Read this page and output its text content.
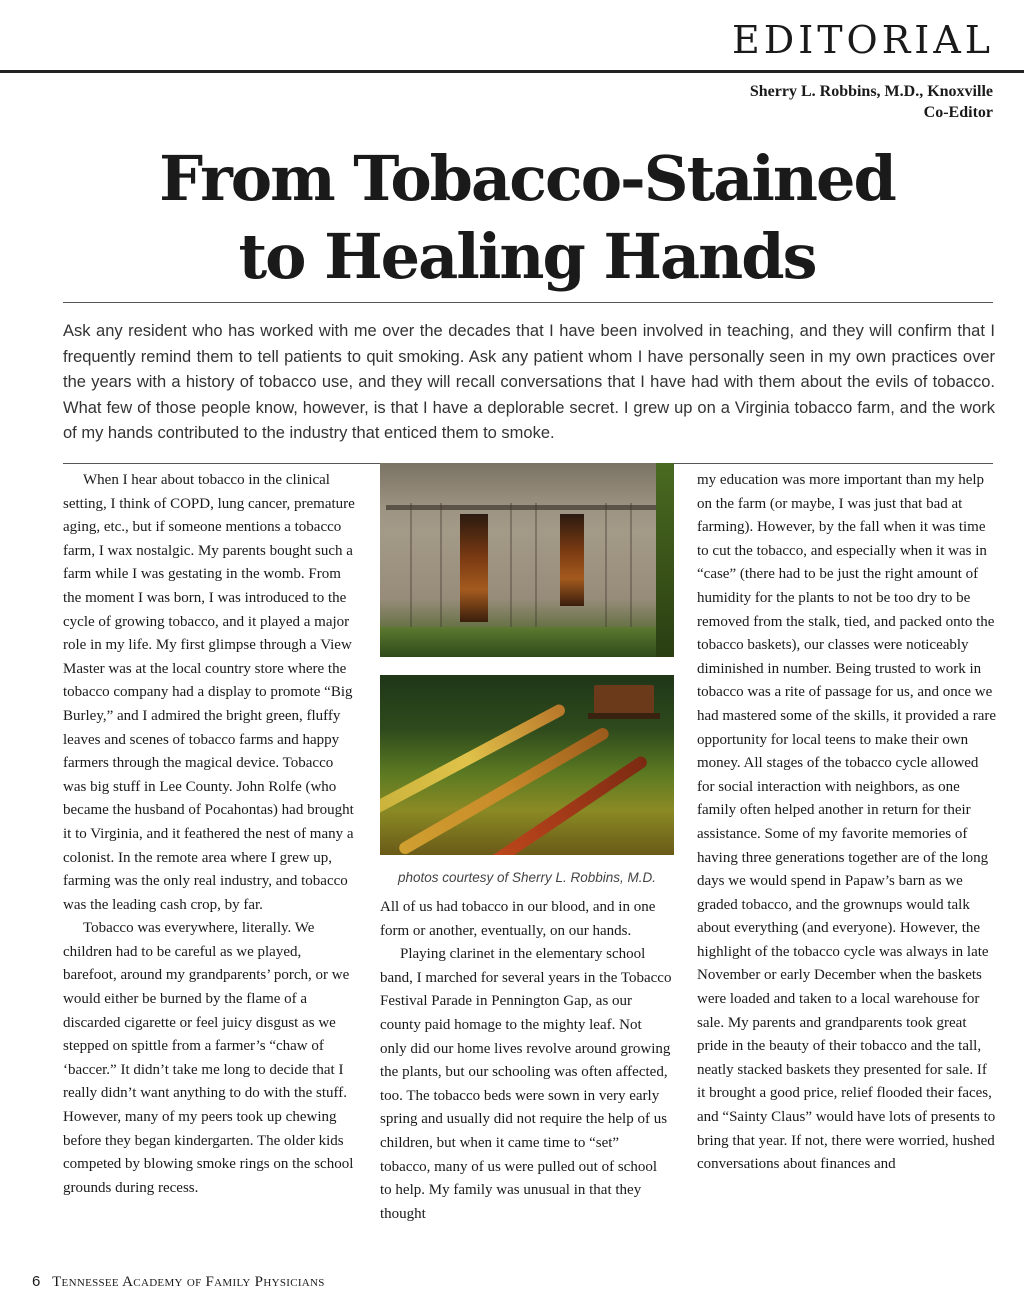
EDITORIAL
Sherry L. Robbins, M.D., Knoxville
Co-Editor
From Tobacco-Stained
to Healing Hands

Ask any resident who has worked with me over the decades that I have been involved in teaching, and they will confirm that I frequently remind them to tell patients to quit smoking. Ask any patient whom I have personally seen in my own practices over the years with a history of tobacco use, and they will recall conversations that I have had with them about the evils of tobacco. What few of those people know, however, is that I have a deplorable secret. I grew up on a Virginia tobacco farm, and the work of my hands contributed to the industry that enticed them to smoke.

When I hear about tobacco in the clinical setting, I think of COPD, lung cancer, premature aging, etc., but if someone mentions a tobacco farm, I wax nostalgic. My parents bought such a farm while I was gestating in the womb. From the moment I was born, I was introduced to the cycle of growing tobacco, and it played a major role in my life. My first glimpse through a View Master was at the local country store where the tobacco company had a display to promote “Big Burley,” and I admired the bright green, fluffy leaves and scenes of tobacco farms and happy farmers through the magical device. Tobacco was big stuff in Lee County. John Rolfe (who became the husband of Pocahontas) had brought it to Virginia, and it feathered the nest of many a colonist. In the remote area where I grew up, farming was the only real industry, and tobacco was the leading cash crop, by far.

Tobacco was everywhere, literally. We children had to be careful as we played, barefoot, around my grandparents’ porch, or we would either be burned by the flame of a discarded cigarette or feel juicy disgust as we stepped on spittle from a farmer’s “chaw of ‘baccer.” It didn’t take me long to decide that I really didn’t want anything to do with the stuff. However, many of my peers took up chewing before they began kindergarten. The older kids competed by blowing smoke rings on the school grounds during recess.

photos courtesy of Sherry L. Robbins, M.D.

All of us had tobacco in our blood, and in one form or another, eventually, on our hands.

Playing clarinet in the elementary school band, I marched for several years in the Tobacco Festival Parade in Pennington Gap, as our county paid homage to the mighty leaf. Not only did our home lives revolve around growing the plants, but our schooling was often affected, too. The tobacco beds were sown in very early spring and usually did not require the help of us children, but when it came time to “set” tobacco, many of us were pulled out of school to help. My family was unusual in that they thought

my education was more important than my help on the farm (or maybe, I was just that bad at farming). However, by the fall when it was time to cut the tobacco, and especially when it was in “case” (there had to be just the right amount of humidity for the plants to not be too dry to be removed from the stalk, tied, and packed onto the tobacco baskets), our classes were noticeably diminished in number. Being trusted to work in tobacco was a rite of passage for us, and once we had mastered some of the skills, it provided a rare opportunity for local teens to make their own money. All stages of the tobacco cycle allowed for social interaction with neighbors, as one family often helped another in return for their assistance. Some of my favorite memories of having three generations together are of the long days we would spend in Papaw’s barn as we graded tobacco, and the grownups would talk about everything (and everyone). However, the highlight of the tobacco cycle was always in late November or early December when the baskets were loaded and taken to a local warehouse for sale. My parents and grandparents took great pride in the beauty of their tobacco and the tall, neatly stacked baskets they presented for sale. If it brought a good price, relief flooded their faces, and “Sainty Claus” would have lots of presents to bring that year. If not, there were worried, hushed conversations about finances and

6 Tennessee Academy of Family Physicians
